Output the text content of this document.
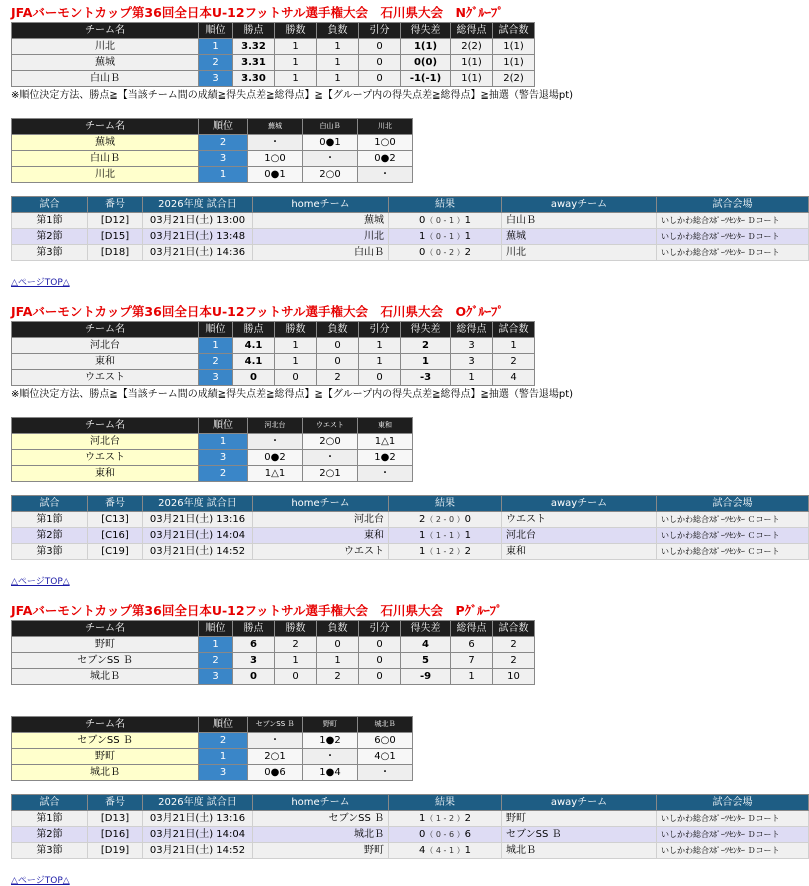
JFAバーモントカップ第36回全日本U-12フットサル選手権大会　石川県大会　Nｸﾞﾙｰﾌﾟ
チーム名	順位	勝点	勝数	負数	引分	得失差	総得点	試合数	
川北	1	3.32	1	1	0	1(1)	2(2)	1(1)	
蕪城	2	3.31	1	1	0	0(0)	1(1)	1(1)	
白山Ｂ	3	3.30	1	1	0	-1(-1)	1(1)	2(2)	
※順位決定方法、勝点≧【当該チーム間の成績≧得失点差≧総得点】≧【グループ内の得失点差≧総得点】≧抽選（警告退場pt)
チーム名	順位	蕪城	白山Ｂ	川北
蕪城	2	・	0●1	1○0
白山Ｂ	3	1○0	・	0●2
川北	1	0●1	2○0	・
試合	番号	2026年度 試合日	homeチーム	結果	awayチーム	試合会場
第1節	[D12]	03月21日(土) 13:00	蕪城	0（ 0 - 1 ）1	白山Ｂ	いしかわ総合ｽﾎﾟｰﾂｾﾝﾀｰ Ｄコート
第2節	[D15]	03月21日(土) 13:48	川北	1（ 0 - 1 ）1	蕪城	いしかわ総合ｽﾎﾟｰﾂｾﾝﾀｰ Ｄコート
第3節	[D18]	03月21日(土) 14:36	白山Ｂ	0（ 0 - 2 ）2	川北	いしかわ総合ｽﾎﾟｰﾂｾﾝﾀｰ Ｄコート
△ページTOP△
JFAバーモントカップ第36回全日本U-12フットサル選手権大会　石川県大会　Oｸﾞﾙｰﾌﾟ
チーム名	順位	勝点	勝数	負数	引分	得失差	総得点	試合数	
河北台	1	4.1	1	0	1	2	3	1	
東和	2	4.1	1	0	1	1	3	2	
ウエスト	3	0	0	2	0	-3	1	4	
※順位決定方法、勝点≧【当該チーム間の成績≧得失点差≧総得点】≧【グループ内の得失点差≧総得点】≧抽選（警告退場pt)
チーム名	順位	河北台	ウエスト	東和
河北台	1	・	2○0	1△1
ウエスト	3	0●2	・	1●2
東和	2	1△1	2○1	・
試合	番号	2026年度 試合日	homeチーム	結果	awayチーム	試合会場
第1節	[C13]	03月21日(土) 13:16	河北台	2（ 2 - 0 ）0	ウエスト	いしかわ総合ｽﾎﾟｰﾂｾﾝﾀｰ Ｃコート
第2節	[C16]	03月21日(土) 14:04	東和	1（ 1 - 1 ）1	河北台	いしかわ総合ｽﾎﾟｰﾂｾﾝﾀｰ Ｃコート
第3節	[C19]	03月21日(土) 14:52	ウエスト	1（ 1 - 2 ）2	東和	いしかわ総合ｽﾎﾟｰﾂｾﾝﾀｰ Ｃコート
△ページTOP△
JFAバーモントカップ第36回全日本U-12フットサル選手権大会　石川県大会　Pｸﾞﾙｰﾌﾟ
チーム名	順位	勝点	勝数	負数	引分	得失差	総得点	試合数	
野町	1	6	2	0	0	4	6	2	
セブンSS Ｂ	2	3	1	1	0	5	7	2	
城北Ｂ	3	0	0	2	0	-9	1	10	
チーム名	順位	セブンSS Ｂ	野町	城北Ｂ
セブンSS Ｂ	2	・	1●2	6○0
野町	1	2○1	・	4○1
城北Ｂ	3	0●6	1●4	・
試合	番号	2026年度 試合日	homeチーム	結果	awayチーム	試合会場
第1節	[D13]	03月21日(土) 13:16	セブンSS Ｂ	1（ 1 - 2 ）2	野町	いしかわ総合ｽﾎﾟｰﾂｾﾝﾀｰ Ｄコート
第2節	[D16]	03月21日(土) 14:04	城北Ｂ	0（ 0 - 6 ）6	セブンSS Ｂ	いしかわ総合ｽﾎﾟｰﾂｾﾝﾀｰ Ｄコート
第3節	[D19]	03月21日(土) 14:52	野町	4（ 4 - 1 ）1	城北Ｂ	いしかわ総合ｽﾎﾟｰﾂｾﾝﾀｰ Ｄコート
△ページTOP△
